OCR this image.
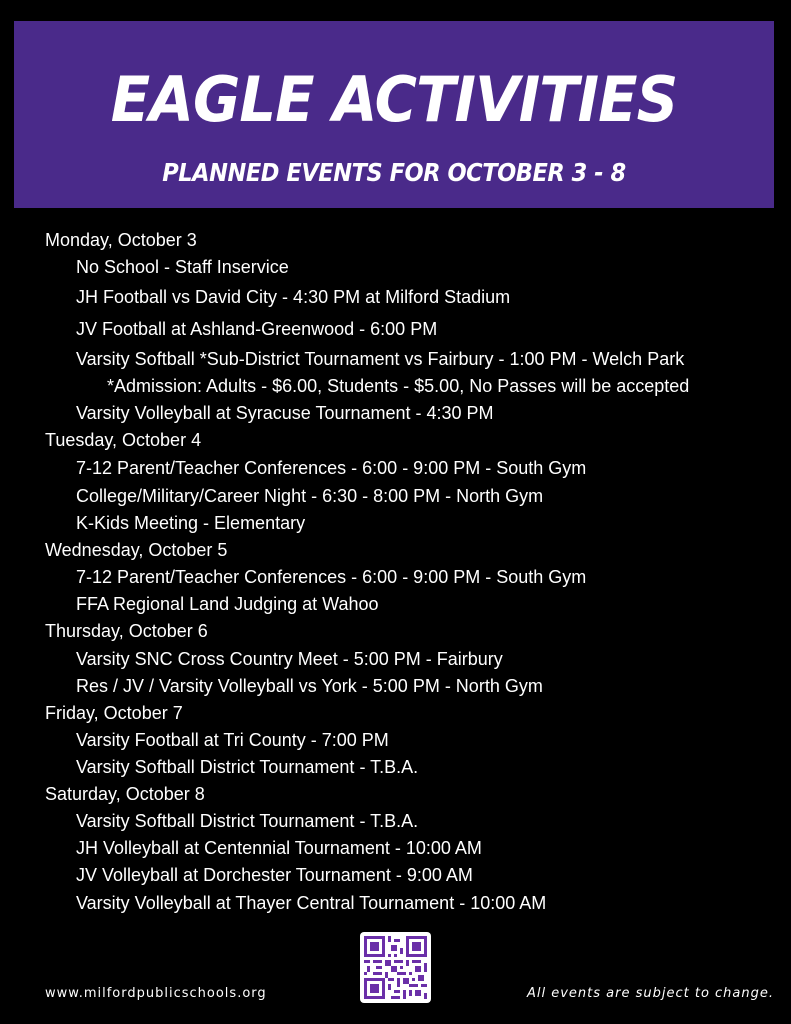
EAGLE ACTIVITIES
PLANNED EVENTS FOR OCTOBER 3 - 8
Monday, October 3
No School - Staff Inservice
JH Football vs David City - 4:30 PM at Milford Stadium
JV Football at Ashland-Greenwood - 6:00 PM
Varsity Softball *Sub-District Tournament vs Fairbury - 1:00 PM - Welch Park
*Admission: Adults - $6.00, Students - $5.00, No Passes will be accepted
Varsity Volleyball at Syracuse Tournament - 4:30 PM
Tuesday, October 4
7-12 Parent/Teacher Conferences - 6:00 - 9:00 PM - South Gym
College/Military/Career Night - 6:30 - 8:00 PM - North Gym
K-Kids Meeting - Elementary
Wednesday, October 5
7-12 Parent/Teacher Conferences - 6:00 - 9:00 PM - South Gym
FFA Regional Land Judging at Wahoo
Thursday, October 6
Varsity SNC Cross Country Meet - 5:00 PM - Fairbury
Res / JV / Varsity Volleyball vs York - 5:00 PM - North Gym
Friday, October 7
Varsity Football at Tri County - 7:00 PM
Varsity Softball District Tournament - T.B.A.
Saturday, October 8
Varsity Softball District Tournament - T.B.A.
JH Volleyball at Centennial Tournament - 10:00 AM
JV Volleyball at Dorchester Tournament - 9:00 AM
Varsity Volleyball at Thayer Central Tournament - 10:00 AM
www.milfordpublicschools.org	All events are subject to change.
